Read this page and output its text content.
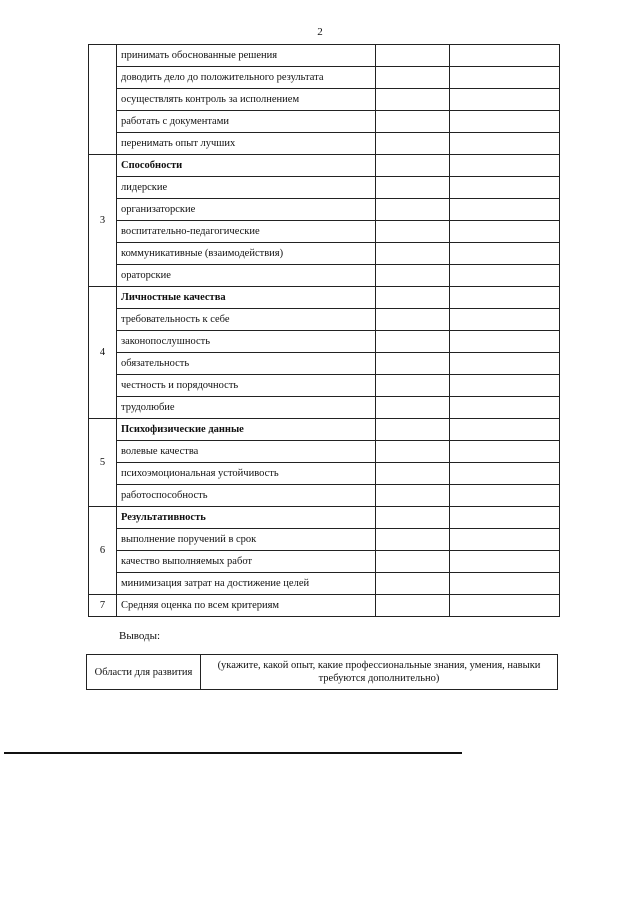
2
	принимать обоснованные решения		
	доводить дело до положительного результата		
	осуществлять контроль за исполнением		
	работать с документами		
	перенимать опыт лучших		
3	Способности		
	лидерские		
	организаторские		
	воспитательно-педагогические		
	коммуникативные (взаимодействия)		
	ораторские		
4	Личностные качества		
	требовательность к себе		
	законопослушность		
	обязательность		
	честность и порядочность		
	трудолюбие		
5	Психофизические данные		
	волевые качества		
	психоэмоциональная устойчивость		
	работоспособность		
6	Результативность		
	выполнение поручений в срок		
	качество выполняемых работ		
	минимизация затрат на достижение целей		
7	Средняя оценка по всем критериям		
Выводы:
Области для развития	(укажите, какой опыт, какие профессиональные знания, умения, навыки требуются дополнительно)
